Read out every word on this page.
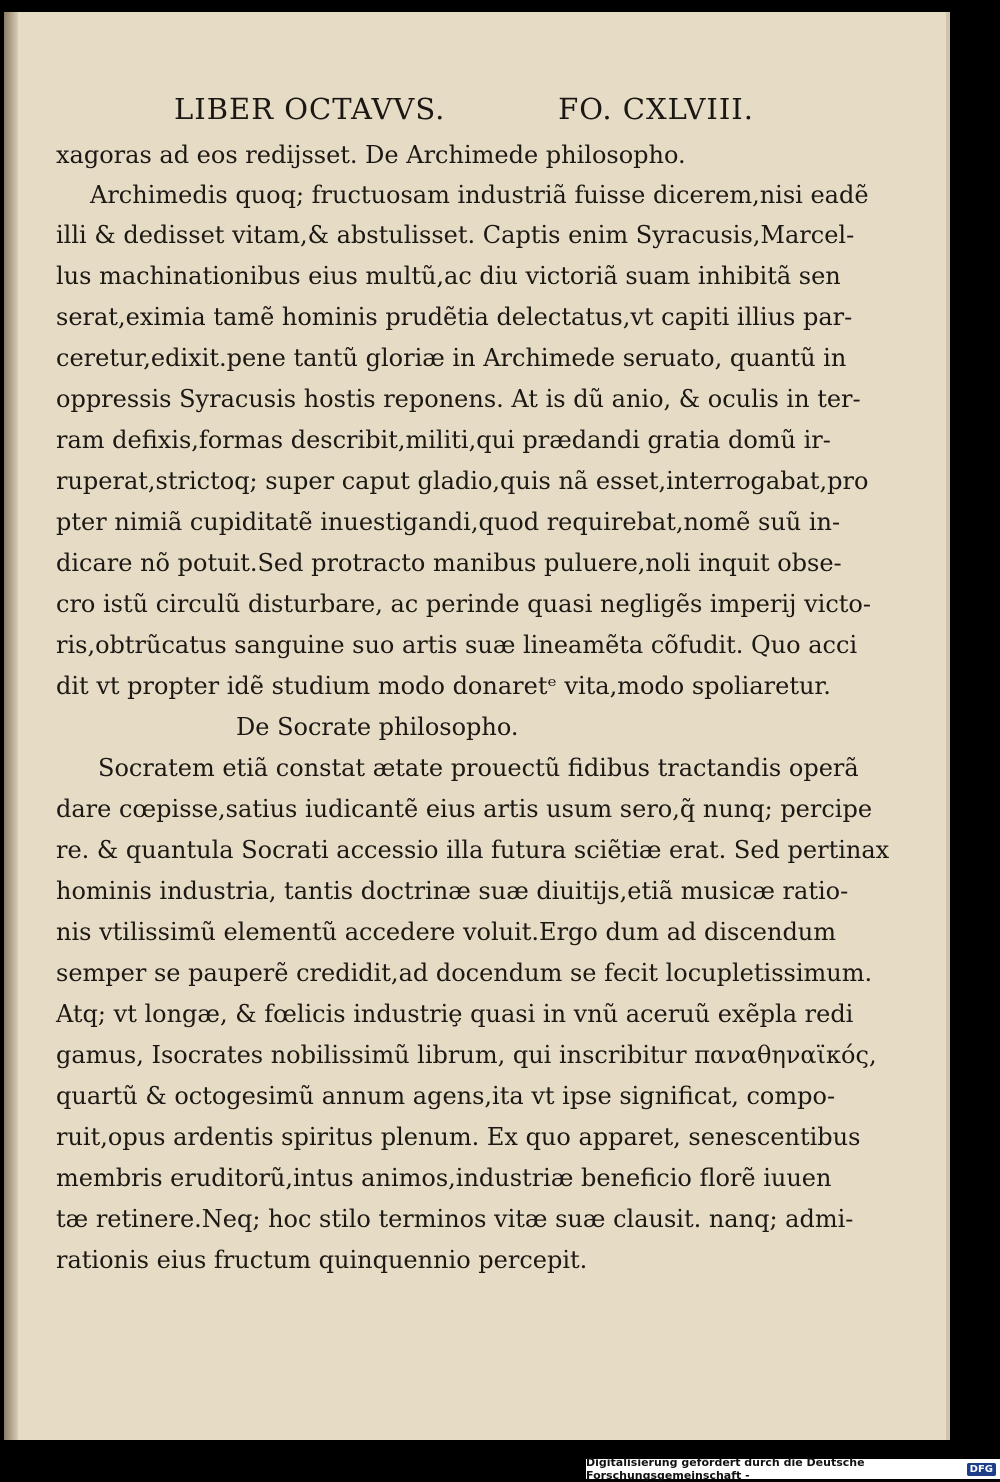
LIBER OCTAVVS.	FO. CXLVIII.
xagoras ad eos redijsset. De Archimede philosopho.
Archimedis quoq; fructuosam industriã fuisse dicerem,nisi eadẽ
illi & dedisset vitam,& abstulisset. Captis enim Syracusis,Marcel-
lus machinationibus eius multũ,ac diu victoriã suam inhibitã sen
serat,eximia tamẽ hominis prudẽtia delectatus,vt capiti illius par-
ceretur,edixit.pene tantũ gloriæ in Archimede seruato, quantũ in
oppressis Syracusis hostis reponens. At is dũ anio, & oculis in ter-
ram defixis,formas describit,militi,qui prædandi gratia domũ ir-
ruperat,strictoq; super caput gladio,quis nã esset,interrogabat,pro
pter nimiã cupiditatẽ inuestigandi,quod requirebat,nomẽ suũ in-
dicare nõ potuit.Sed protracto manibus puluere,noli inquit obse-
cro istũ circulũ disturbare, ac perinde quasi negligẽs imperij victo-
ris,obtrũcatus sanguine suo artis suæ lineamẽta cõfudit. Quo acci
dit vt propter idẽ studium modo donaretᵉ vita,modo spoliaretur.
De Socrate philosopho.
Socratem etiã constat ætate prouectũ fidibus tractandis operã
dare cœpisse,satius iudicantẽ eius artis usum sero,q̃ nunq; percipe
re. & quantula Socrati accessio illa futura sciẽtiæ erat. Sed pertinax
hominis industria, tantis doctrinæ suæ diuitijs,etiã musicæ ratio-
nis vtilissimũ elementũ accedere voluit.Ergo dum ad discendum
semper se pauperẽ credidit,ad docendum se fecit locupletissimum.
Atq; vt longæ, & fœlicis industriȩ quasi in vnũ aceruũ exẽpla redi
gamus, Isocrates nobilissimũ librum, qui inscribitur παναθηναϊκός,
quartũ & octogesimũ annum agens,ita vt ipse significat, compo-
ruit,opus ardentis spiritus plenum. Ex quo apparet, senescentibus
membris eruditorũ,intus animos,industriæ beneficio florẽ iuuen
tæ retinere.Neq; hoc stilo terminos vitæ suæ clausit. nanq; admi-
rationis eius fructum quinquennio percepit.
Digitalisierung gefördert durch die Deutsche Forschungsgemeinschaft -	DFG
